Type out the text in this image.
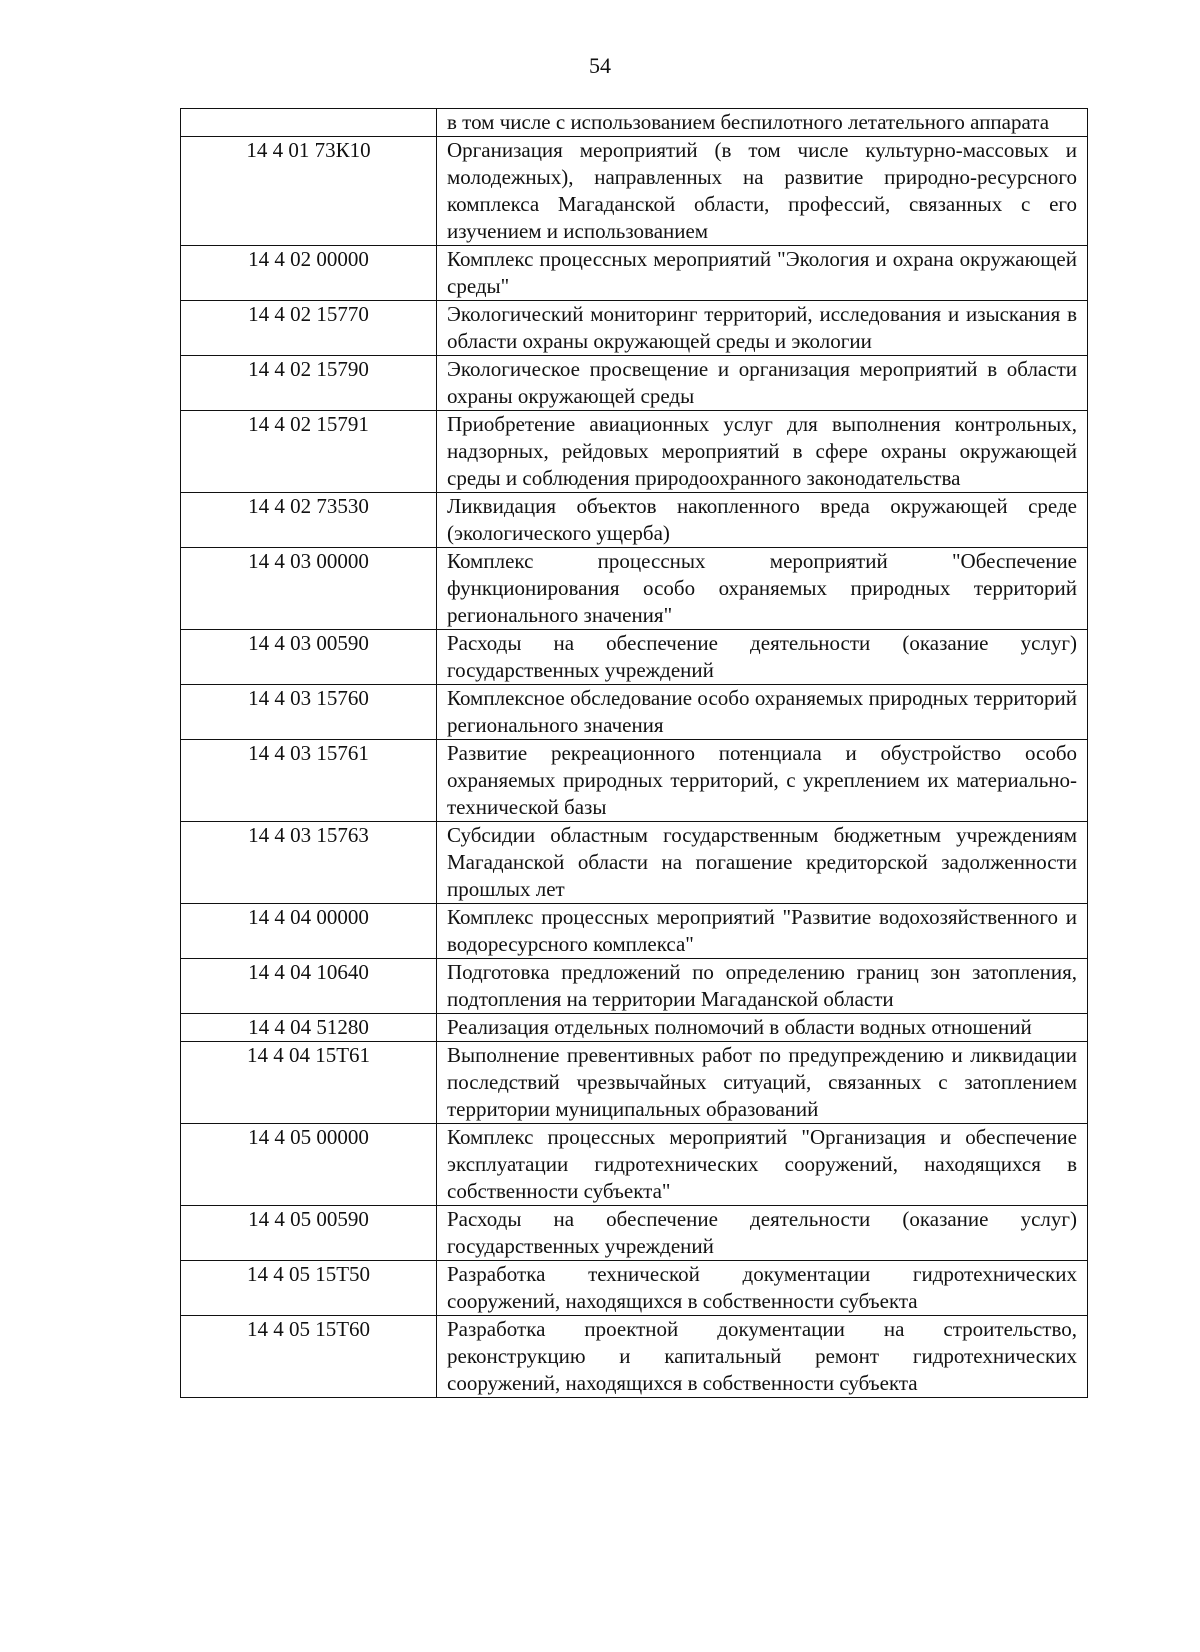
54
	в том числе с использованием беспилотного летательного аппарата
14 4 01 73К10	Организация мероприятий (в том числе культурно-массовых и молодежных), направленных на развитие природно-ресурсного комплекса Магаданской области, профессий, связанных с его изучением и использованием
14 4 02 00000	Комплекс процессных мероприятий "Экология и охрана окружающей среды"
14 4 02 15770	Экологический мониторинг территорий, исследования и изыскания в области охраны окружающей среды и экологии
14 4 02 15790	Экологическое просвещение и организация мероприятий в области охраны окружающей среды
14 4 02 15791	Приобретение авиационных услуг для выполнения контрольных, надзорных, рейдовых мероприятий в сфере охраны окружающей среды и соблюдения природоохранного законодательства
14 4 02 73530	Ликвидация объектов накопленного вреда окружающей среде (экологического ущерба)
14 4 03 00000	Комплекс процессных мероприятий "Обеспечение функционирования особо охраняемых природных территорий регионального значения"
14 4 03 00590	Расходы на обеспечение деятельности (оказание услуг) государственных учреждений
14 4 03 15760	Комплексное обследование особо охраняемых природных территорий регионального значения
14 4 03 15761	Развитие рекреационного потенциала и обустройство особо охраняемых природных территорий, с укреплением их материально-технической базы
14 4 03 15763	Субсидии областным государственным бюджетным учреждениям Магаданской области на погашение кредиторской задолженности прошлых лет
14 4 04 00000	Комплекс процессных мероприятий "Развитие водохозяйственного и водоресурсного комплекса"
14 4 04 10640	Подготовка предложений по определению границ зон затопления, подтопления на территории Магаданской области
14 4 04 51280	Реализация отдельных полномочий в области водных отношений
14 4 04 15Т61	Выполнение превентивных работ по предупреждению и ликвидации последствий чрезвычайных ситуаций, связанных с затоплением территории муниципальных образований
14 4 05 00000	Комплекс процессных мероприятий "Организация и обеспечение эксплуатации гидротехнических сооружений, находящихся в собственности субъекта"
14 4 05 00590	Расходы на обеспечение деятельности (оказание услуг) государственных учреждений
14 4 05 15Т50	Разработка технической документации гидротехнических сооружений, находящихся в собственности субъекта
14 4 05 15Т60	Разработка проектной документации на строительство, реконструкцию и капитальный ремонт гидротехнических сооружений, находящихся в собственности субъекта
